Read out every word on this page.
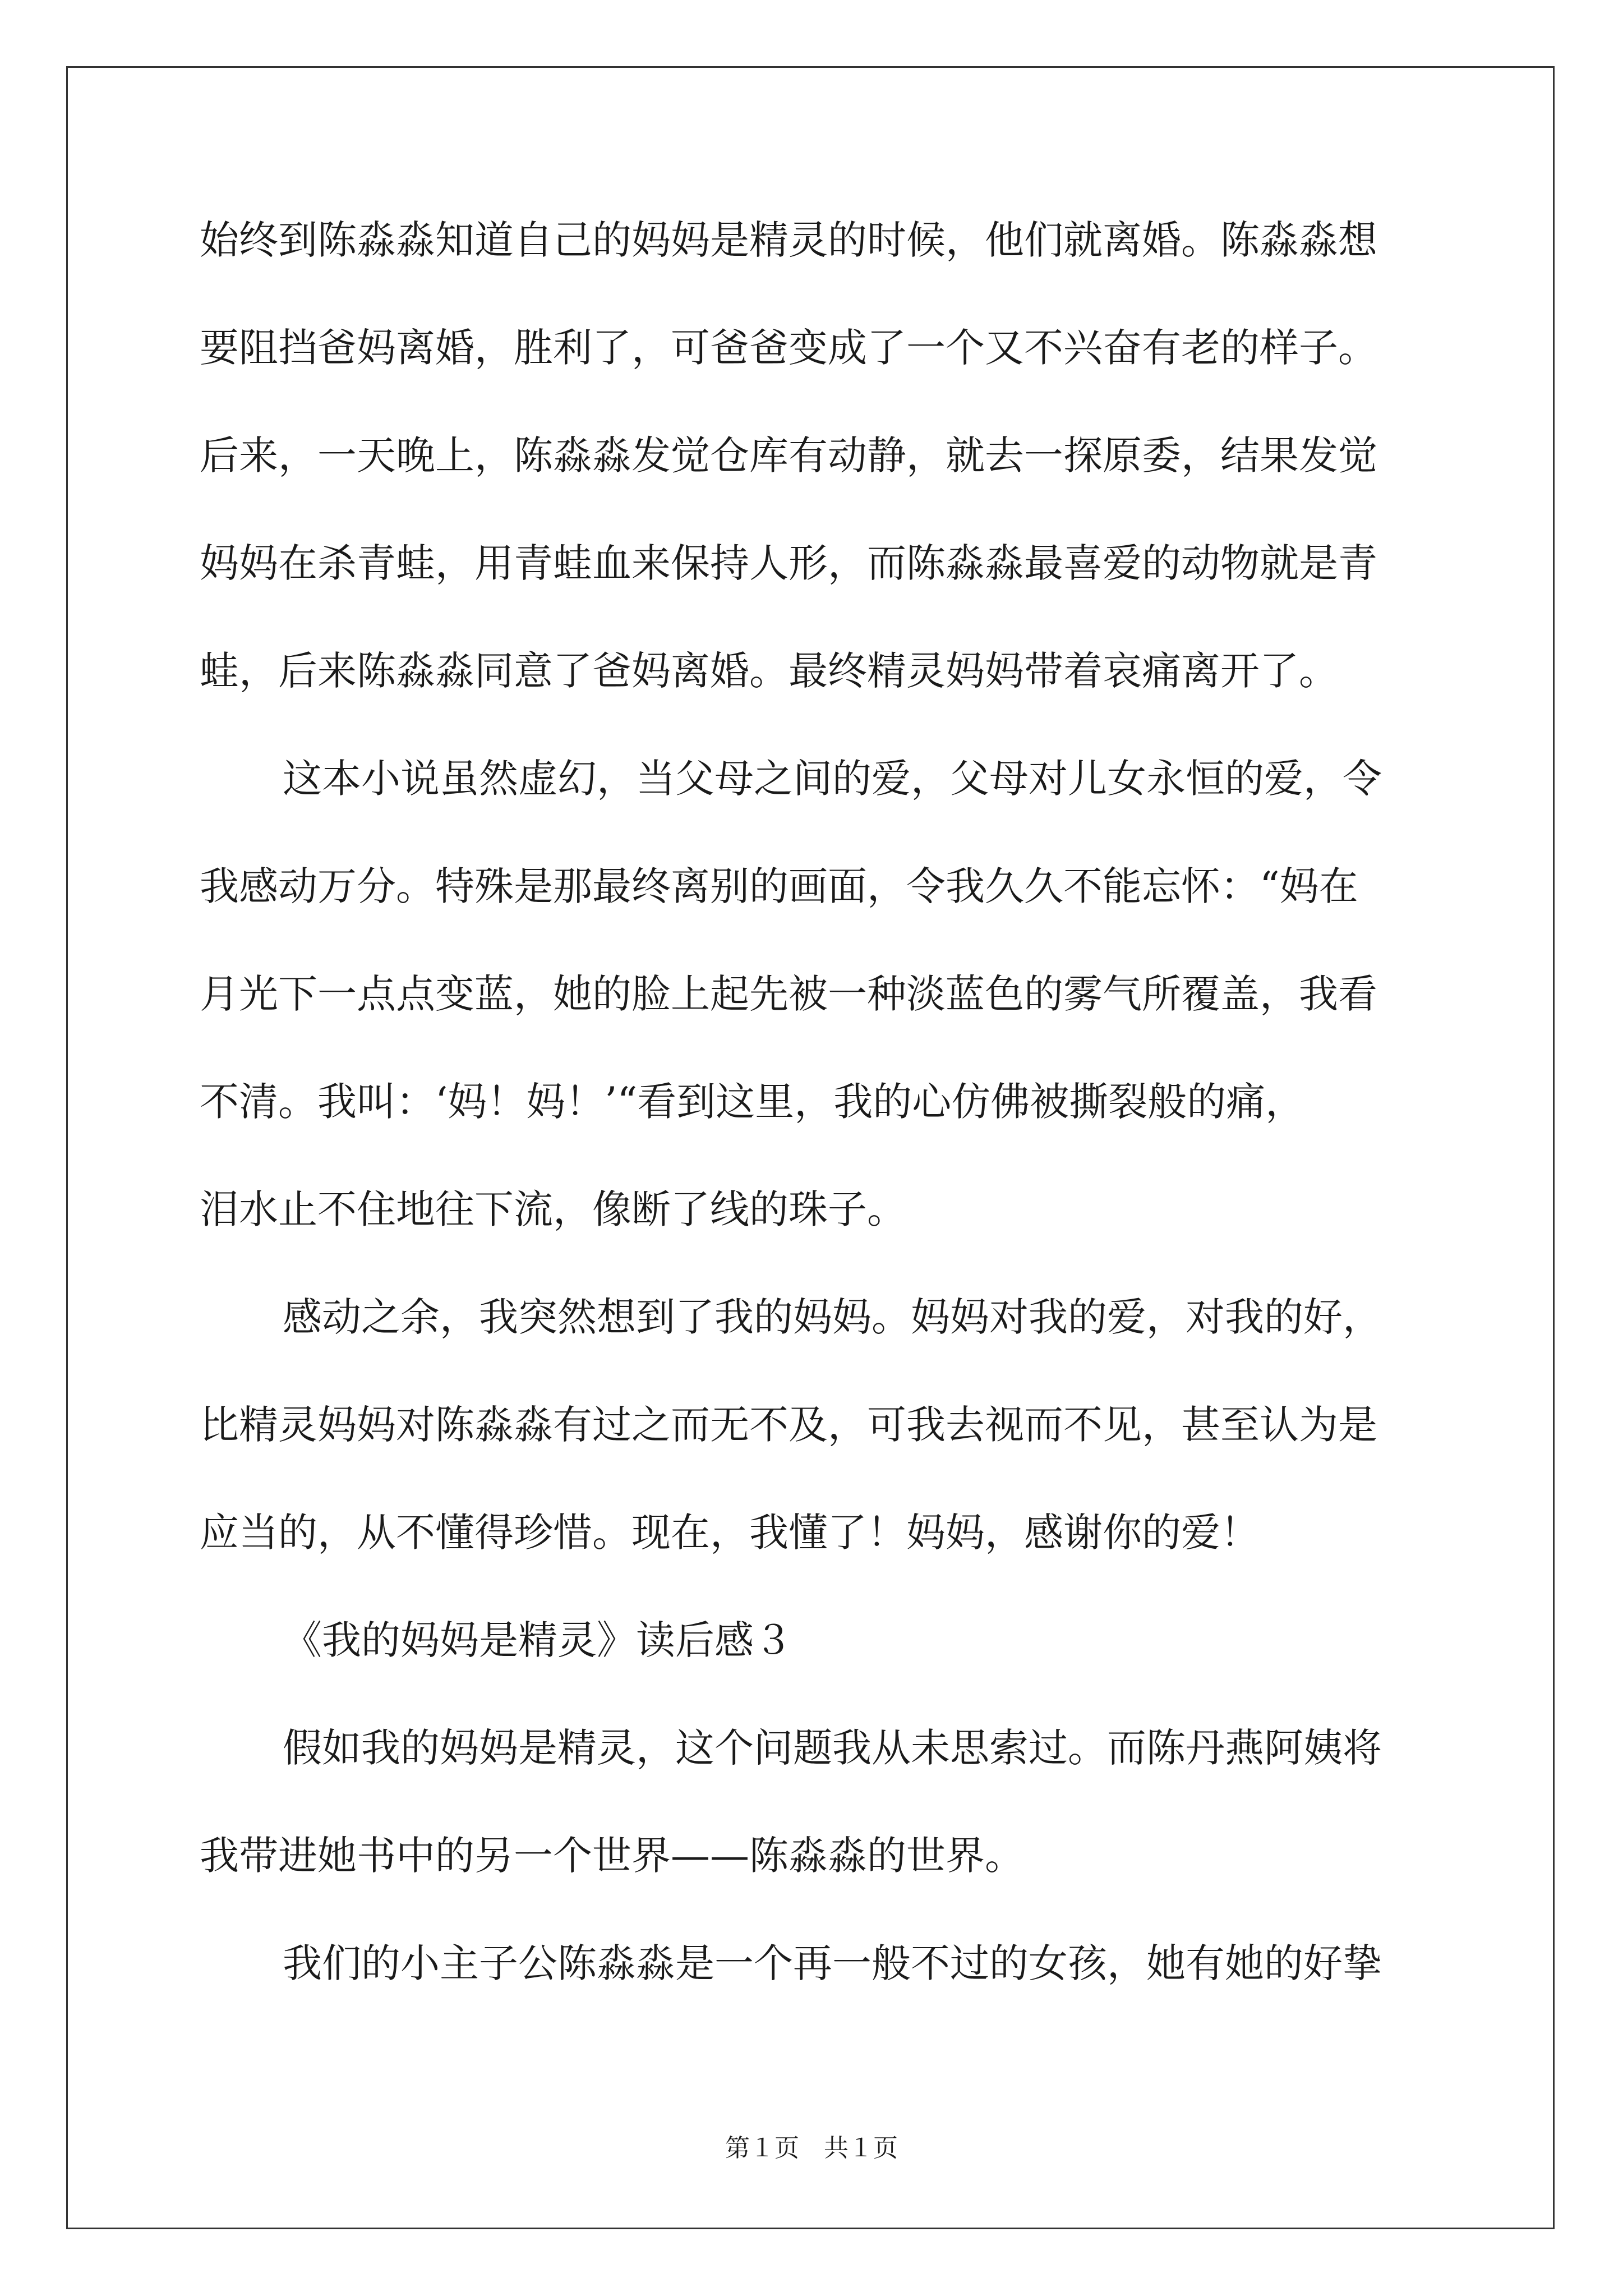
始终到陈淼淼知道自己的妈妈是精灵的时候，他们就离婚。陈淼淼想
要阻挡爸妈离婚，胜利了，可爸爸变成了一个又不兴奋有老的样子。
后来，一天晚上，陈淼淼发觉仓库有动静，就去一探原委，结果发觉
妈妈在杀青蛙，用青蛙血来保持人形，而陈淼淼最喜爱的动物就是青
蛙，后来陈淼淼同意了爸妈离婚。最终精灵妈妈带着哀痛离开了。
这本小说虽然虚幻，当父母之间的爱，父母对儿女永恒的爱，令
我感动万分。特殊是那最终离别的画面，令我久久不能忘怀：“妈在
月光下一点点变蓝，她的脸上起先被一种淡蓝色的雾气所覆盖，我看
不清。我叫：‘妈！妈！’“看到这里，我的心仿佛被撕裂般的痛，
泪水止不住地往下流，像断了线的珠子。
感动之余，我突然想到了我的妈妈。妈妈对我的爱，对我的好，
比精灵妈妈对陈淼淼有过之而无不及，可我去视而不见，甚至认为是
应当的，从不懂得珍惜。现在，我懂了！妈妈，感谢你的爱！
《我的妈妈是精灵》读后感３
假如我的妈妈是精灵，这个问题我从未思索过。而陈丹燕阿姨将
我带进她书中的另一个世界——陈淼淼的世界。
我们的小主子公陈淼淼是一个再一般不过的女孩，她有她的好挚
第１页　共１页
